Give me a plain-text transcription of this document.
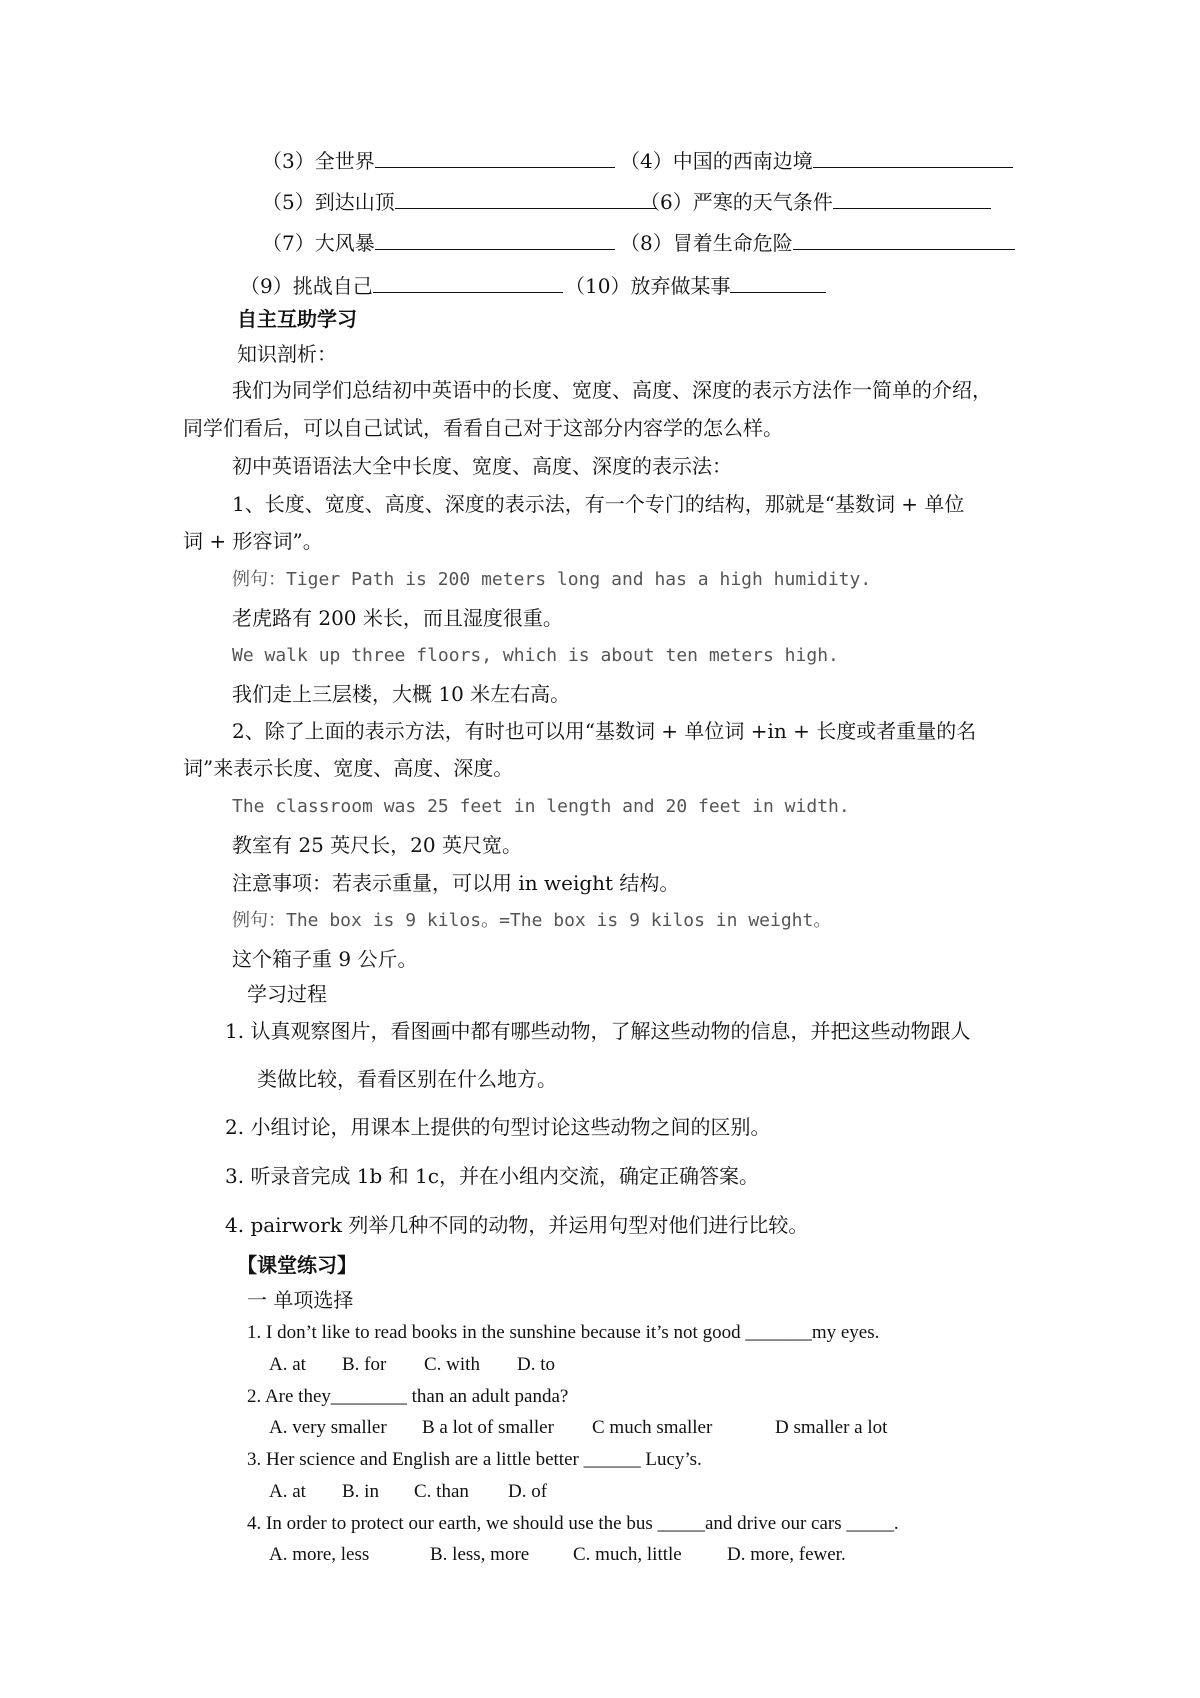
（3）全世界	（4）中国的西南边境
（5）到达山顶	（6）严寒的天气条件
（7）大风暴	（8）冒着生命危险
（9）挑战自己	（10）放弃做某事
自主互助学习
知识剖析：
我们为同学们总结初中英语中的长度、宽度、高度、深度的表示方法作一简单的介绍，
同学们看后，可以自己试试，看看自己对于这部分内容学的怎么样。
初中英语语法大全中长度、宽度、高度、深度的表示法：
1、长度、宽度、高度、深度的表示法，有一个专门的结构，那就是“基数词 + 单位
词 + 形容词”。
例句：Tiger Path is 200 meters long and has a high humidity.
老虎路有 200 米长，而且湿度很重。
We walk up three floors, which is about ten meters high.
我们走上三层楼，大概 10 米左右高。
2、除了上面的表示方法，有时也可以用“基数词 + 单位词 +in + 长度或者重量的名
词”来表示长度、宽度、高度、深度。
The classroom was 25 feet in length and 20 feet in width.
教室有 25 英尺长，20 英尺宽。
注意事项：若表示重量，可以用 in weight 结构。
例句：The box is 9 kilos。=The box is 9 kilos in weight。
这个箱子重 9 公斤。
学习过程
1. 认真观察图片，看图画中都有哪些动物，了解这些动物的信息，并把这些动物跟人
类做比较，看看区别在什么地方。
2. 小组讨论，用课本上提供的句型讨论这些动物之间的区别。
3. 听录音完成 1b 和 1c，并在小组内交流，确定正确答案。
4. pairwork 列举几种不同的动物，并运用句型对他们进行比较。
【课堂练习】
一 单项选择
1. I don’t like to read books in the sunshine because it’s not good _______my eyes.
A. at B. for C. with D. to
2. Are they________ than an adult panda?
A. very smaller B a lot of smaller C much smaller	D smaller a lot
3. Her science and English are a little better ______ Lucy’s.
A. at B. in C. than D. of
4. In order to protect our earth, we should use the bus _____and drive our cars _____.
A. more, less	B. less, more C. much, little D. more, fewer.
